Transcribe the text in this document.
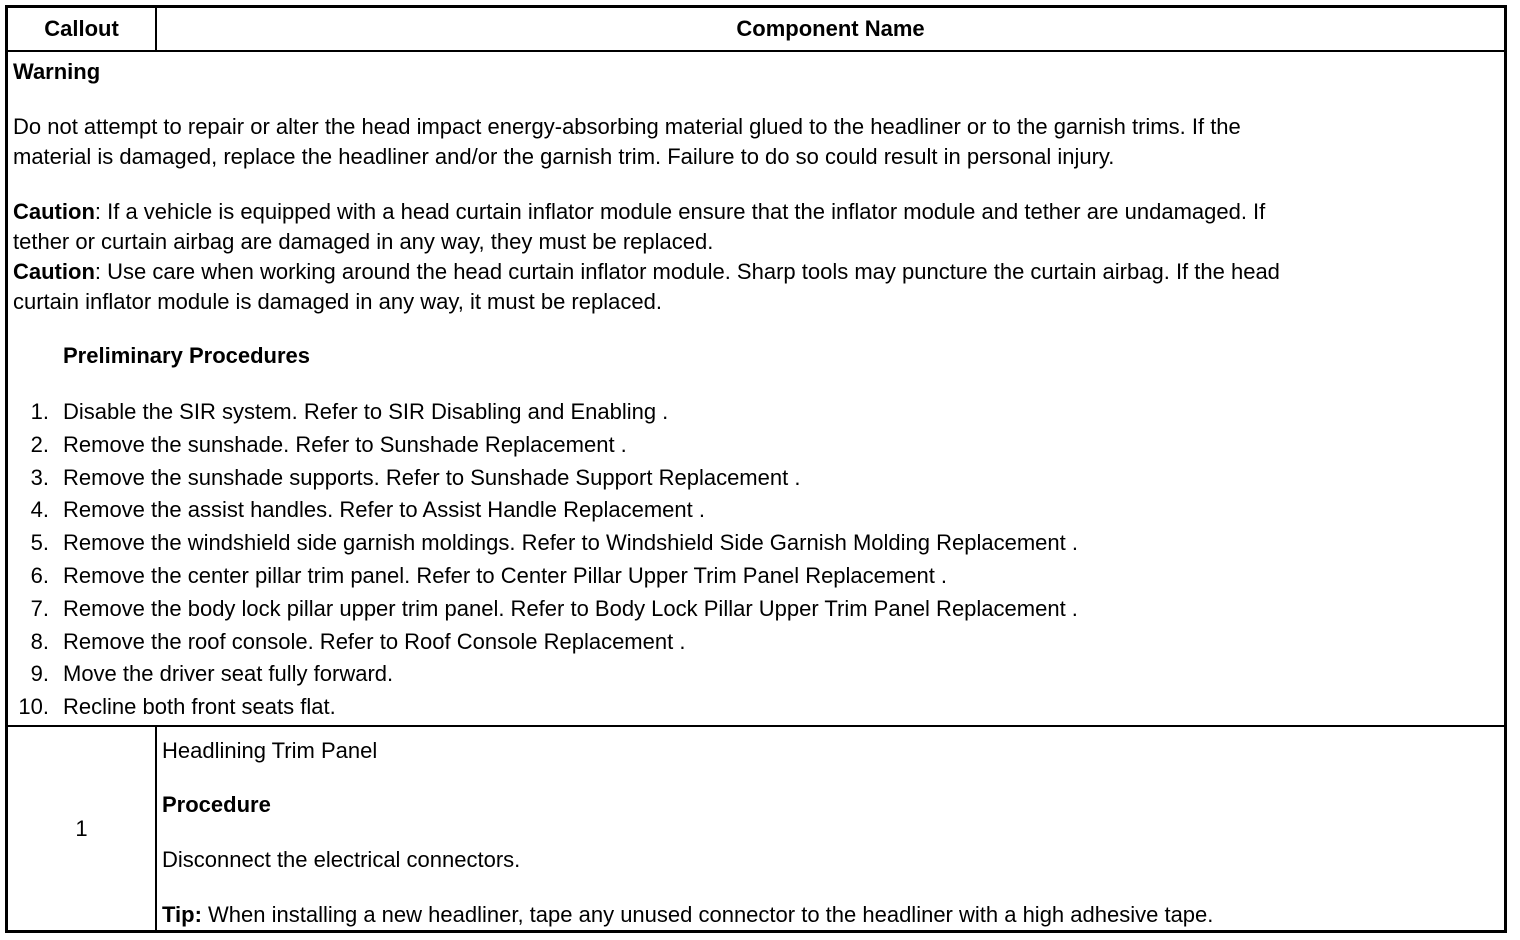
Callout	Component Name
Warning
Do not attempt to repair or alter the head impact energy-absorbing material glued to the headliner or to the garnish trims. If the
material is damaged, replace the headliner and/or the garnish trim. Failure to do so could result in personal injury.
Caution: If a vehicle is equipped with a head curtain inflator module ensure that the inflator module and tether are undamaged. If
tether or curtain airbag are damaged in any way, they must be replaced.
Caution: Use care when working around the head curtain inflator module. Sharp tools may puncture the curtain airbag. If the head
curtain inflator module is damaged in any way, it must be replaced.
Preliminary Procedures
1. Disable the SIR system. Refer to SIR Disabling and Enabling .
2. Remove the sunshade. Refer to Sunshade Replacement .
3. Remove the sunshade supports. Refer to Sunshade Support Replacement .
4. Remove the assist handles. Refer to Assist Handle Replacement .
5. Remove the windshield side garnish moldings. Refer to Windshield Side Garnish Molding Replacement .
6. Remove the center pillar trim panel. Refer to Center Pillar Upper Trim Panel Replacement .
7. Remove the body lock pillar upper trim panel. Refer to Body Lock Pillar Upper Trim Panel Replacement .
8. Remove the roof console. Refer to Roof Console Replacement .
9. Move the driver seat fully forward.
10. Recline both front seats flat.
1
Headlining Trim Panel
Procedure
Disconnect the electrical connectors.
Tip: When installing a new headliner, tape any unused connector to the headliner with a high adhesive tape.
